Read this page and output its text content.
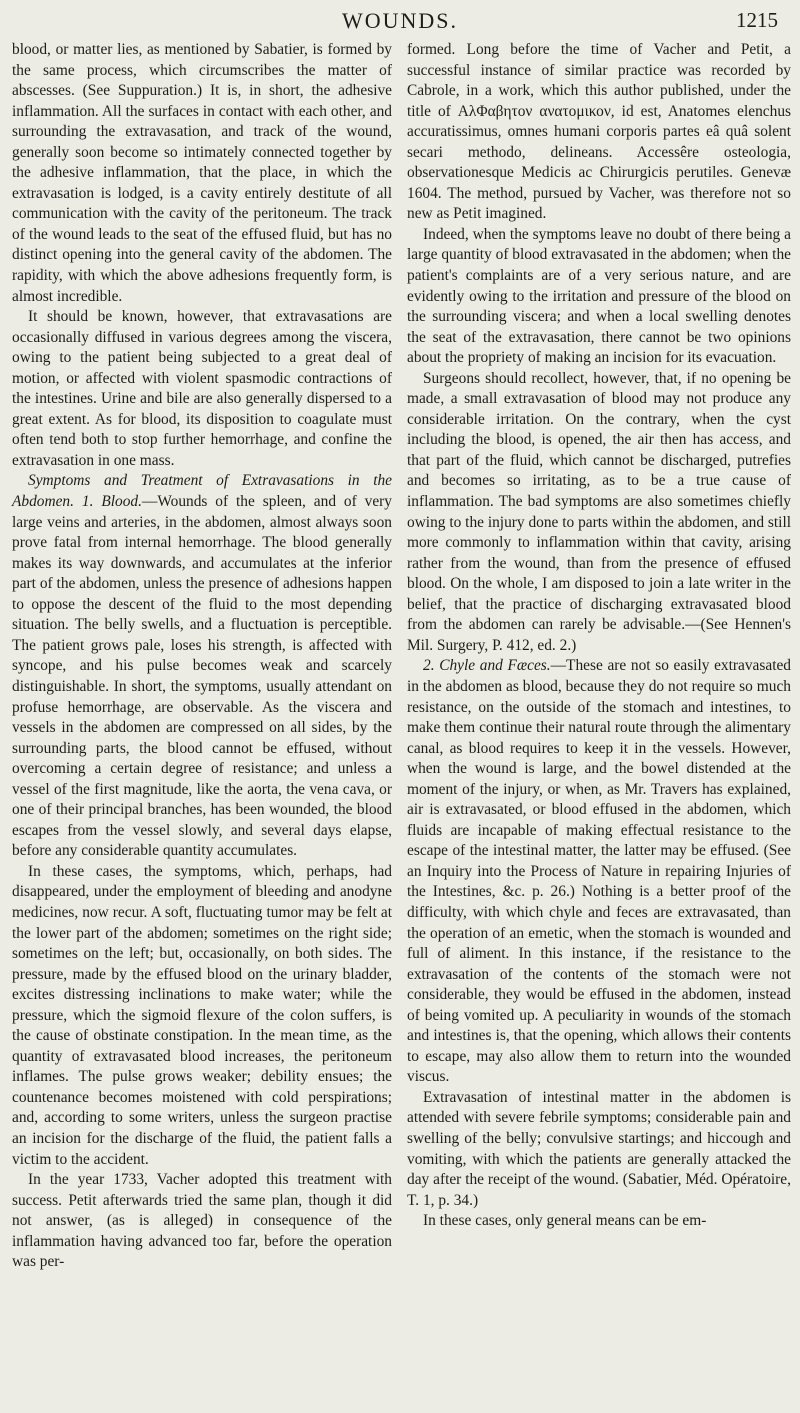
WOUNDS.	1215

blood, or matter lies, as mentioned by Sabatier, is formed by the same process, which circumscribes the matter of abscesses. (See Suppuration.) It is, in short, the adhesive inflammation. All the surfaces in contact with each other, and surrounding the extravasation, and track of the wound, generally soon become so intimately connected together by the adhesive inflammation, that the place, in which the extravasation is lodged, is a cavity entirely destitute of all communication with the cavity of the peritoneum. The track of the wound leads to the seat of the effused fluid, but has no distinct opening into the general cavity of the abdomen. The rapidity, with which the above adhesions frequently form, is almost incredible.

It should be known, however, that extravasations are occasionally diffused in various degrees among the viscera, owing to the patient being subjected to a great deal of motion, or affected with violent spasmodic contractions of the intestines. Urine and bile are also generally dispersed to a great extent. As for blood, its disposition to coagulate must often tend both to stop further hemorrhage, and confine the extravasation in one mass.

Symptoms and Treatment of Extravasations in the Abdomen. 1. Blood.—Wounds of the spleen, and of very large veins and arteries, in the abdomen, almost always soon prove fatal from internal hemorrhage. The blood generally makes its way downwards, and accumulates at the inferior part of the abdomen, unless the presence of adhesions happen to oppose the descent of the fluid to the most depending situation. The belly swells, and a fluctuation is perceptible. The patient grows pale, loses his strength, is affected with syncope, and his pulse becomes weak and scarcely distinguishable. In short, the symptoms, usually attendant on profuse hemorrhage, are observable. As the viscera and vessels in the abdomen are compressed on all sides, by the surrounding parts, the blood cannot be effused, without overcoming a certain degree of resistance; and unless a vessel of the first magnitude, like the aorta, the vena cava, or one of their principal branches, has been wounded, the blood escapes from the vessel slowly, and several days elapse, before any considerable quantity accumulates.

In these cases, the symptoms, which, perhaps, had disappeared, under the employment of bleeding and anodyne medicines, now recur. A soft, fluctuating tumor may be felt at the lower part of the abdomen; sometimes on the right side; sometimes on the left; but, occasionally, on both sides. The pressure, made by the effused blood on the urinary bladder, excites distressing inclinations to make water; while the pressure, which the sigmoid flexure of the colon suffers, is the cause of obstinate constipation. In the mean time, as the quantity of extravasated blood increases, the peritoneum inflames. The pulse grows weaker; debility ensues; the countenance becomes moistened with cold perspirations; and, according to some writers, unless the surgeon practise an incision for the discharge of the fluid, the patient falls a victim to the accident.

In the year 1733, Vacher adopted this treatment with success. Petit afterwards tried the same plan, though it did not answer, (as is alleged) in consequence of the inflammation having advanced too far, before the operation was per-

formed. Long before the time of Vacher and Petit, a successful instance of similar practice was recorded by Cabrole, in a work, which this author published, under the title of ΑλΦαβητον ανατομικον, id est, Anatomes elenchus accuratissimus, omnes humani corporis partes eâ quâ solent secari methodo, delineans. Accessêre osteologia, observationesque Medicis ac Chirurgicis perutiles. Genevæ 1604. The method, pursued by Vacher, was therefore not so new as Petit imagined.

Indeed, when the symptoms leave no doubt of there being a large quantity of blood extravasated in the abdomen; when the patient's complaints are of a very serious nature, and are evidently owing to the irritation and pressure of the blood on the surrounding viscera; and when a local swelling denotes the seat of the extravasation, there cannot be two opinions about the propriety of making an incision for its evacuation.

Surgeons should recollect, however, that, if no opening be made, a small extravasation of blood may not produce any considerable irritation. On the contrary, when the cyst including the blood, is opened, the air then has access, and that part of the fluid, which cannot be discharged, putrefies and becomes so irritating, as to be a true cause of inflammation. The bad symptoms are also sometimes chiefly owing to the injury done to parts within the abdomen, and still more commonly to inflammation within that cavity, arising rather from the wound, than from the presence of effused blood. On the whole, I am disposed to join a late writer in the belief, that the practice of discharging extravasated blood from the abdomen can rarely be advisable.—(See Hennen's Mil. Surgery, P. 412, ed. 2.)

2. Chyle and Fæces.—These are not so easily extravasated in the abdomen as blood, because they do not require so much resistance, on the outside of the stomach and intestines, to make them continue their natural route through the alimentary canal, as blood requires to keep it in the vessels. However, when the wound is large, and the bowel distended at the moment of the injury, or when, as Mr. Travers has explained, air is extravasated, or blood effused in the abdomen, which fluids are incapable of making effectual resistance to the escape of the intestinal matter, the latter may be effused. (See an Inquiry into the Process of Nature in repairing Injuries of the Intestines, &c. p. 26.) Nothing is a better proof of the difficulty, with which chyle and feces are extravasated, than the operation of an emetic, when the stomach is wounded and full of aliment. In this instance, if the resistance to the extravasation of the contents of the stomach were not considerable, they would be effused in the abdomen, instead of being vomited up. A peculiarity in wounds of the stomach and intestines is, that the opening, which allows their contents to escape, may also allow them to return into the wounded viscus.

Extravasation of intestinal matter in the abdomen is attended with severe febrile symptoms; considerable pain and swelling of the belly; convulsive startings; and hiccough and vomiting, with which the patients are generally attacked the day after the receipt of the wound. (Sabatier, Méd. Opératoire, T. 1, p. 34.)

In these cases, only general means can be em-
